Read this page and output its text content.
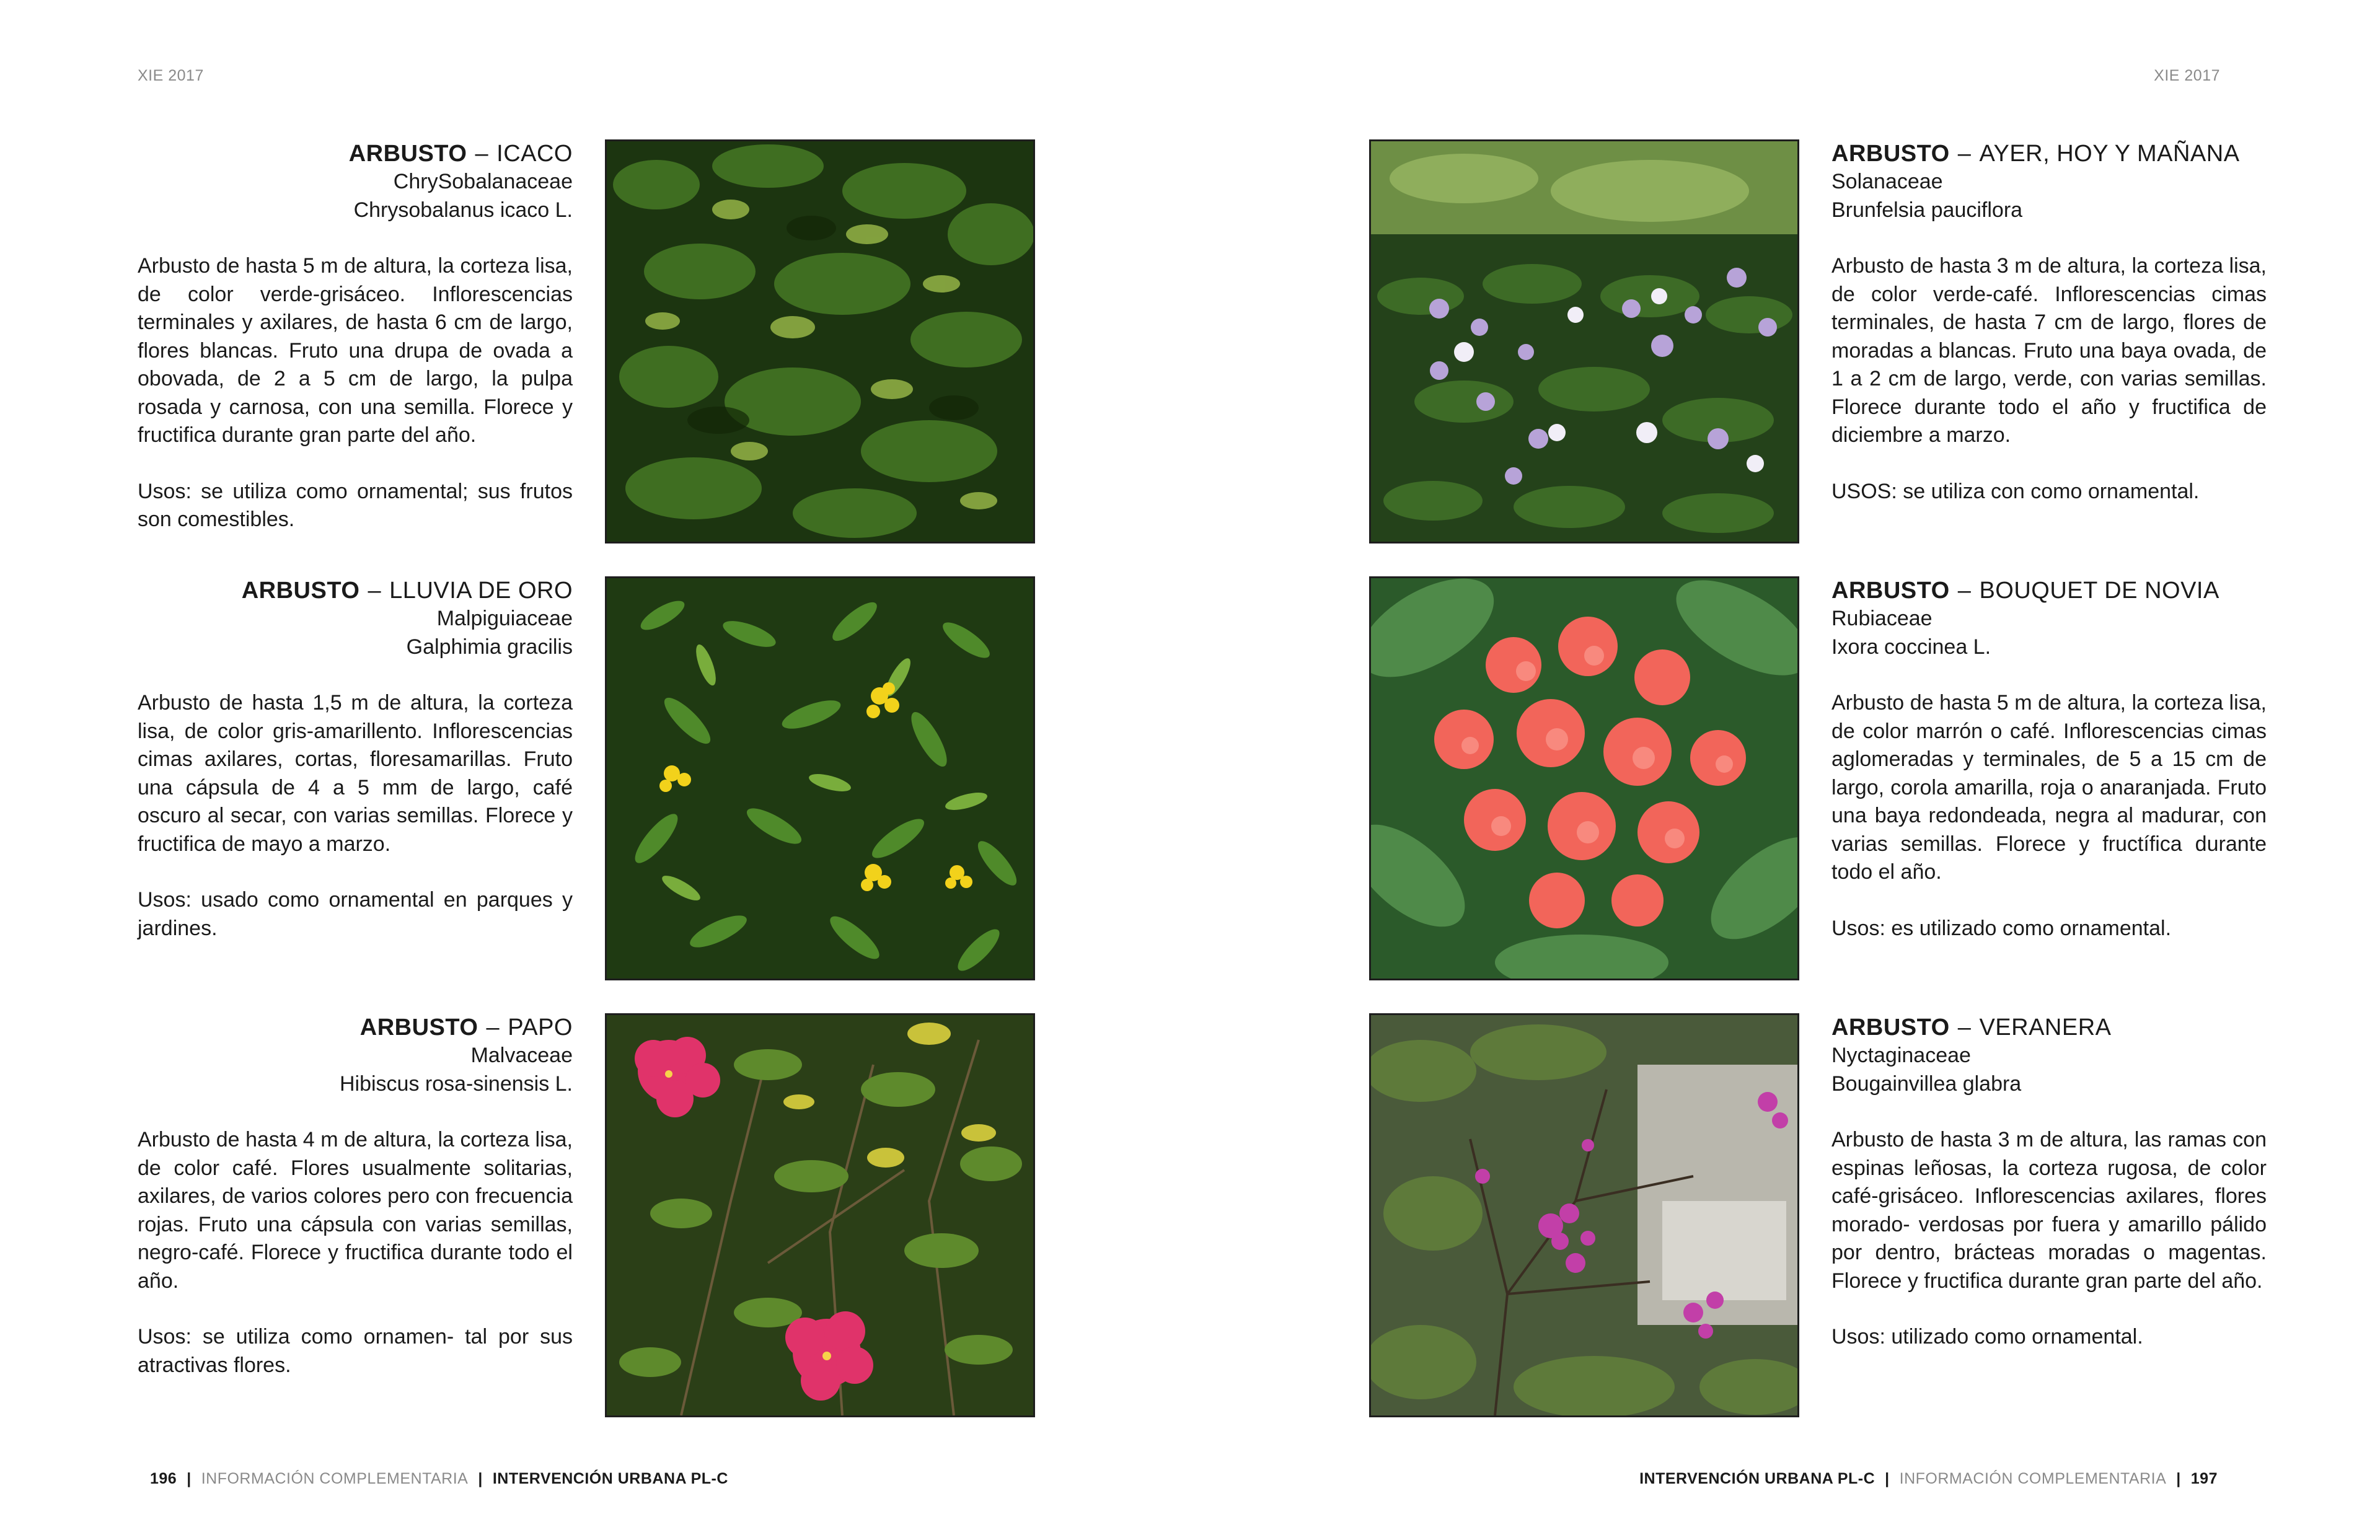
XIE 2017
ARBUSTO – ICACO
ChrySobalanaceae
Chrysobalanus icaco L.
Arbusto de hasta 5 m de altura, la corteza lisa, de color verde-grisáceo. Inflorescencias terminales y axilares, de hasta 6 cm de largo, flores blancas. Fruto una drupa de ovada a obovada, de 2 a 5 cm de largo, la pulpa rosada y carnosa, con una semilla. Florece y fructifica durante gran parte del año.
Usos: se utiliza como ornamental; sus frutos son comestibles.
ARBUSTO – LLUVIA DE ORO
Malpiguiaceae
Galphimia gracilis
Arbusto de hasta 1,5 m de altura, la corteza lisa, de color gris-amarillento. Inflorescencias cimas axilares, cortas, floresamarillas. Fruto una cápsula de 4 a 5 mm de largo, café oscuro al secar, con varias semillas. Florece y fructifica de mayo a marzo.
Usos: usado como ornamental en parques y jardines.
ARBUSTO – PAPO
Malvaceae
Hibiscus rosa-sinensis L.
Arbusto de hasta 4 m de altura, la corteza lisa, de color café. Flores usualmente solitarias, axilares, de varios colores pero con frecuencia rojas. Fruto una cápsula con varias semillas, negro-café. Florece y fructifica durante todo el año.
Usos: se utiliza como ornamen- tal por sus atractivas flores.
196 | INFORMACIÓN COMPLEMENTARIA | INTERVENCIÓN URBANA PL-C
XIE 2017
ARBUSTO – AYER, HOY Y MAÑANA
Solanaceae
Brunfelsia pauciflora
Arbusto de hasta 3 m de altura, la corteza lisa, de color verde-café. Inflorescencias cimas terminales, de hasta 7 cm de largo, flores de moradas a blancas. Fruto una baya ovada, de 1 a 2 cm de largo, verde, con varias semillas. Florece durante todo el año y fructifica de diciembre a marzo.
USOS: se utiliza con como ornamental.
ARBUSTO – BOUQUET DE NOVIA
Rubiaceae
Ixora coccinea L.
Arbusto de hasta 5 m de altura, la corteza lisa, de color marrón o café. Inflorescencias cimas aglomeradas y terminales, de 5 a 15 cm de largo, corola amarilla, roja o anaranjada. Fruto una baya redondeada, negra al madurar, con varias semillas. Florece y fructífica durante todo el año.
Usos: es utilizado como ornamental.
ARBUSTO – VERANERA
Nyctaginaceae
Bougainvillea glabra
Arbusto de hasta 3 m de altura, las ramas con espinas leñosas, la corteza rugosa, de color café-grisáceo. Inflorescencias axilares, flores morado- verdosas por fuera y amarillo pálido por dentro, brácteas moradas o magentas. Florece y fructifica durante gran parte del año.
Usos: utilizado como ornamental.
INTERVENCIÓN URBANA PL-C | INFORMACIÓN COMPLEMENTARIA | 197
